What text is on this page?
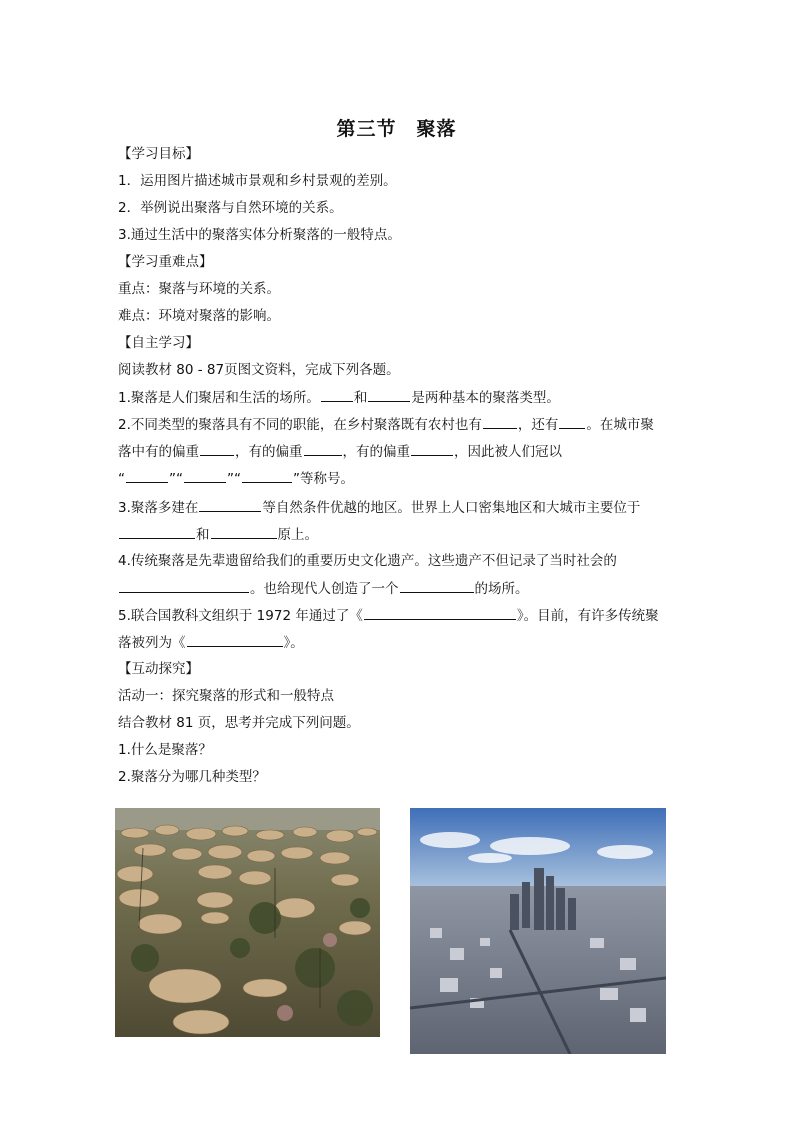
第三节 聚落
【学习目标】
1．运用图片描述城市景观和乡村景观的差别。
2．举例说出聚落与自然环境的关系。
3.通过生活中的聚落实体分析聚落的一般特点。
【学习重难点】
重点：聚落与环境的关系。
难点：环境对聚落的影响。
【自主学习】
阅读教材 80 - 87页图文资料，完成下列各题。
1.聚落是人们聚居和生活的场所。	和	是两种基本的聚落类型。
2.不同类型的聚落具有不同的职能，在乡村聚落既有农村也有	，还有 。在城市聚
落中有的偏重	，有的偏重	，有的偏重	，因此被人们冠以
“	”“	”“	”等称号。
3.聚落多建在	等自然条件优越的地区。世界上人口密集地区和大城市主要位于
和	原上。
4.传统聚落是先辈遗留给我们的重要历史文化遗产。这些遗产不但记录了当时社会的
。也给现代人创造了一个	的场所。
5.联合国教科文组织于 1972 年通过了《	》。目前，有许多传统聚
落被列为《	》。
【互动探究】
活动一：探究聚落的形式和一般特点
结合教材 81 页，思考并完成下列问题。
1.什么是聚落？
2.聚落分为哪几种类型？
